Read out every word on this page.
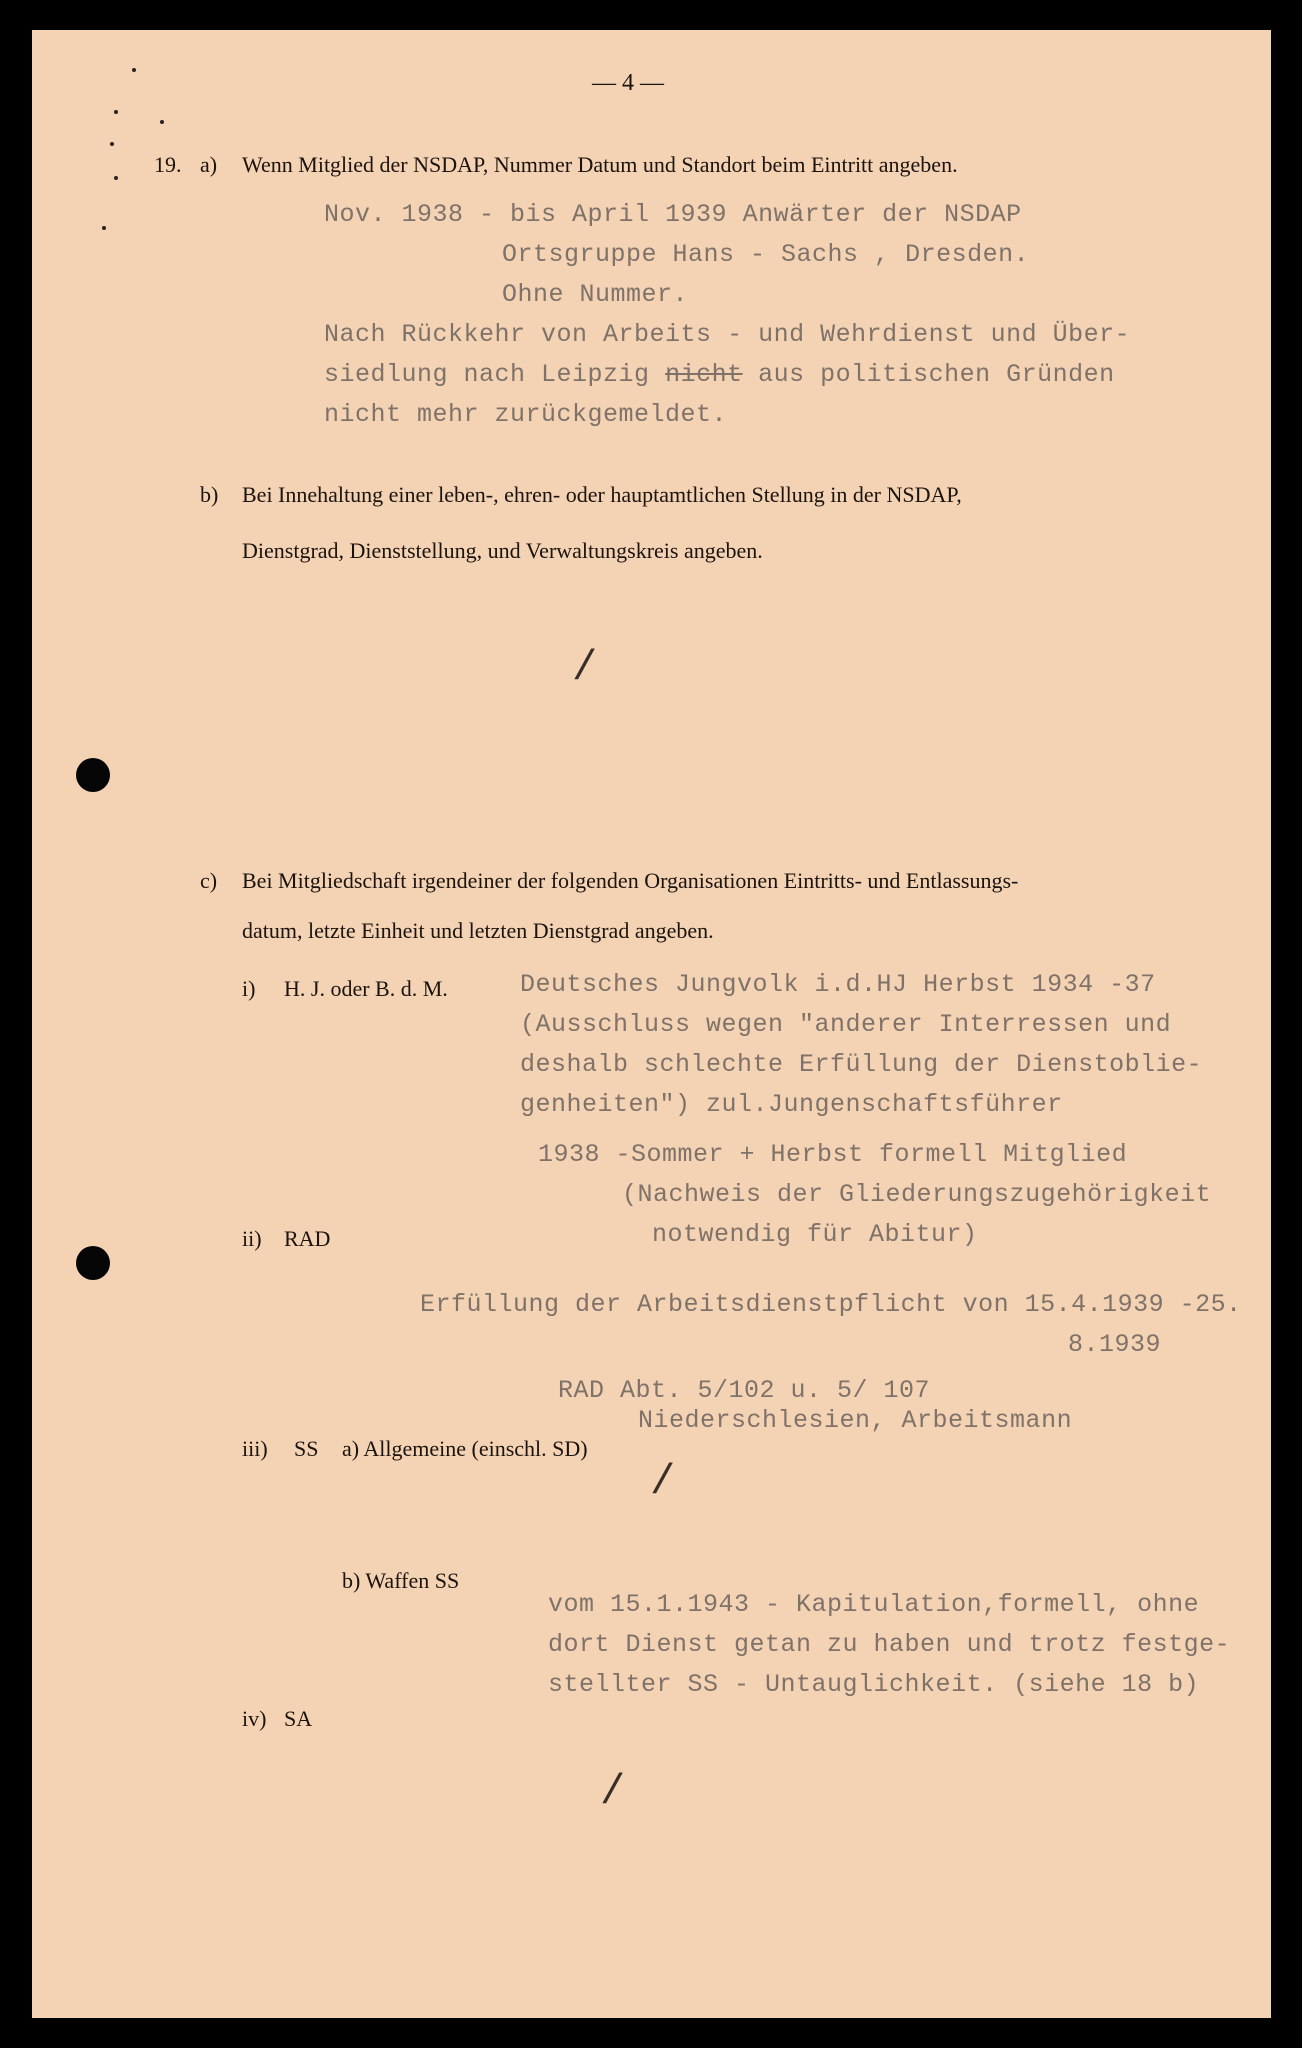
— 4 —
19. a) Wenn Mitglied der NSDAP, Nummer Datum und Standort beim Eintritt angeben.
Nov. 1938 - bis April 1939 Anwärter der NSDAP
Ortsgruppe Hans - Sachs , Dresden.
Ohne Nummer.
Nach Rückkehr von Arbeits - und Wehrdienst und Über-
siedlung nach Leipzig nicht aus politischen Gründen
nicht mehr zurückgemeldet.
b) Bei Innehaltung einer leben-, ehren- oder hauptamtlichen Stellung in der NSDAP,
Dienstgrad, Dienststellung, und Verwaltungskreis angeben.
/
c) Bei Mitgliedschaft irgendeiner der folgenden Organisationen Eintritts- und Entlassungs-
datum, letzte Einheit und letzten Dienstgrad angeben.
i) H. J. oder B. d. M.	Deutsches Jungvolk i.d.HJ Herbst 1934 -37
(Ausschluss wegen "anderer Interressen und
deshalb schlechte Erfüllung der Dienstoblie-
genheiten") zul.Jungenschaftsführer
1938 -Sommer + Herbst formell Mitglied
(Nachweis der Gliederungszugehörigkeit
notwendig für Abitur)
ii) RAD
Erfüllung der Arbeitsdienstpflicht von 15.4.1939 -25.
8.1939
RAD Abt. 5/102 u. 5/ 107
Niederschlesien, Arbeitsmann
iii) SS a) Allgemeine (einschl. SD)
/
b) Waffen SS
vom 15.1.1943 - Kapitulation,formell, ohne
dort Dienst getan zu haben und trotz festge-
stellter SS - Untauglichkeit. (siehe 18 b)
iv) SA
/
